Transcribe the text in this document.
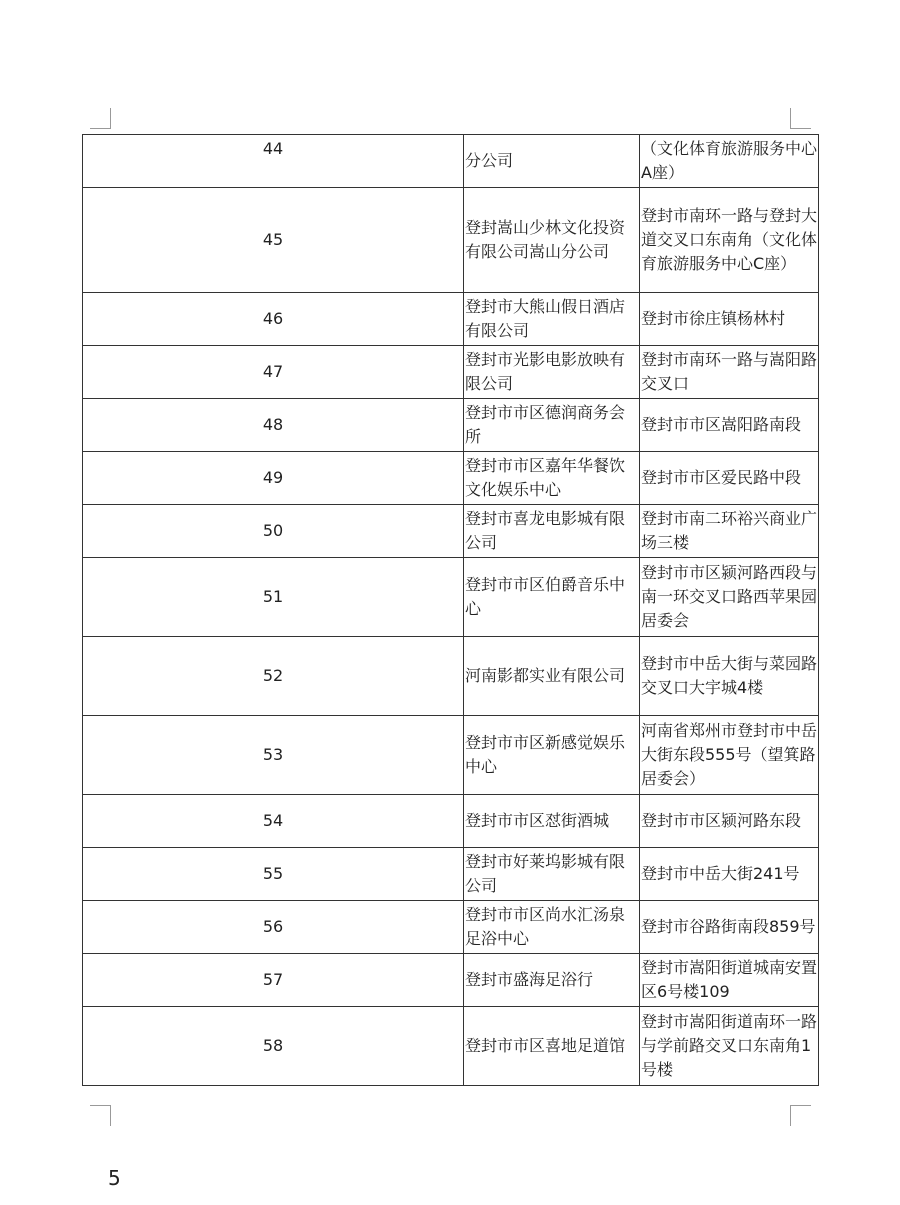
44	分公司	（文化体育旅游服务中心A座）
45	登封嵩山少林文化投资有限公司嵩山分公司	登封市南环一路与登封大道交叉口东南角（文化体育旅游服务中心C座）
46	登封市大熊山假日酒店有限公司	登封市徐庄镇杨林村
47	登封市光影电影放映有限公司	登封市南环一路与嵩阳路交叉口
48	登封市市区德润商务会所	登封市市区嵩阳路南段
49	登封市市区嘉年华餐饮文化娱乐中心	登封市市区爱民路中段
50	登封市喜龙电影城有限公司	登封市南二环裕兴商业广场三楼
51	登封市市区伯爵音乐中心	登封市市区颍河路西段与南一环交叉口路西苹果园居委会
52	河南影都实业有限公司	登封市中岳大街与菜园路交叉口大宇城4楼
53	登封市市区新感觉娱乐中心	河南省郑州市登封市中岳大街东段555号（望箕路居委会）
54	登封市市区怼街酒城	登封市市区颍河路东段
55	登封市好莱坞影城有限公司	登封市中岳大街241号
56	登封市市区尚水汇汤泉足浴中心	登封市谷路街南段859号
57	登封市盛海足浴行	登封市嵩阳街道城南安置区6号楼109
58	登封市市区喜地足道馆	登封市嵩阳街道南环一路与学前路交叉口东南角1号楼
5
